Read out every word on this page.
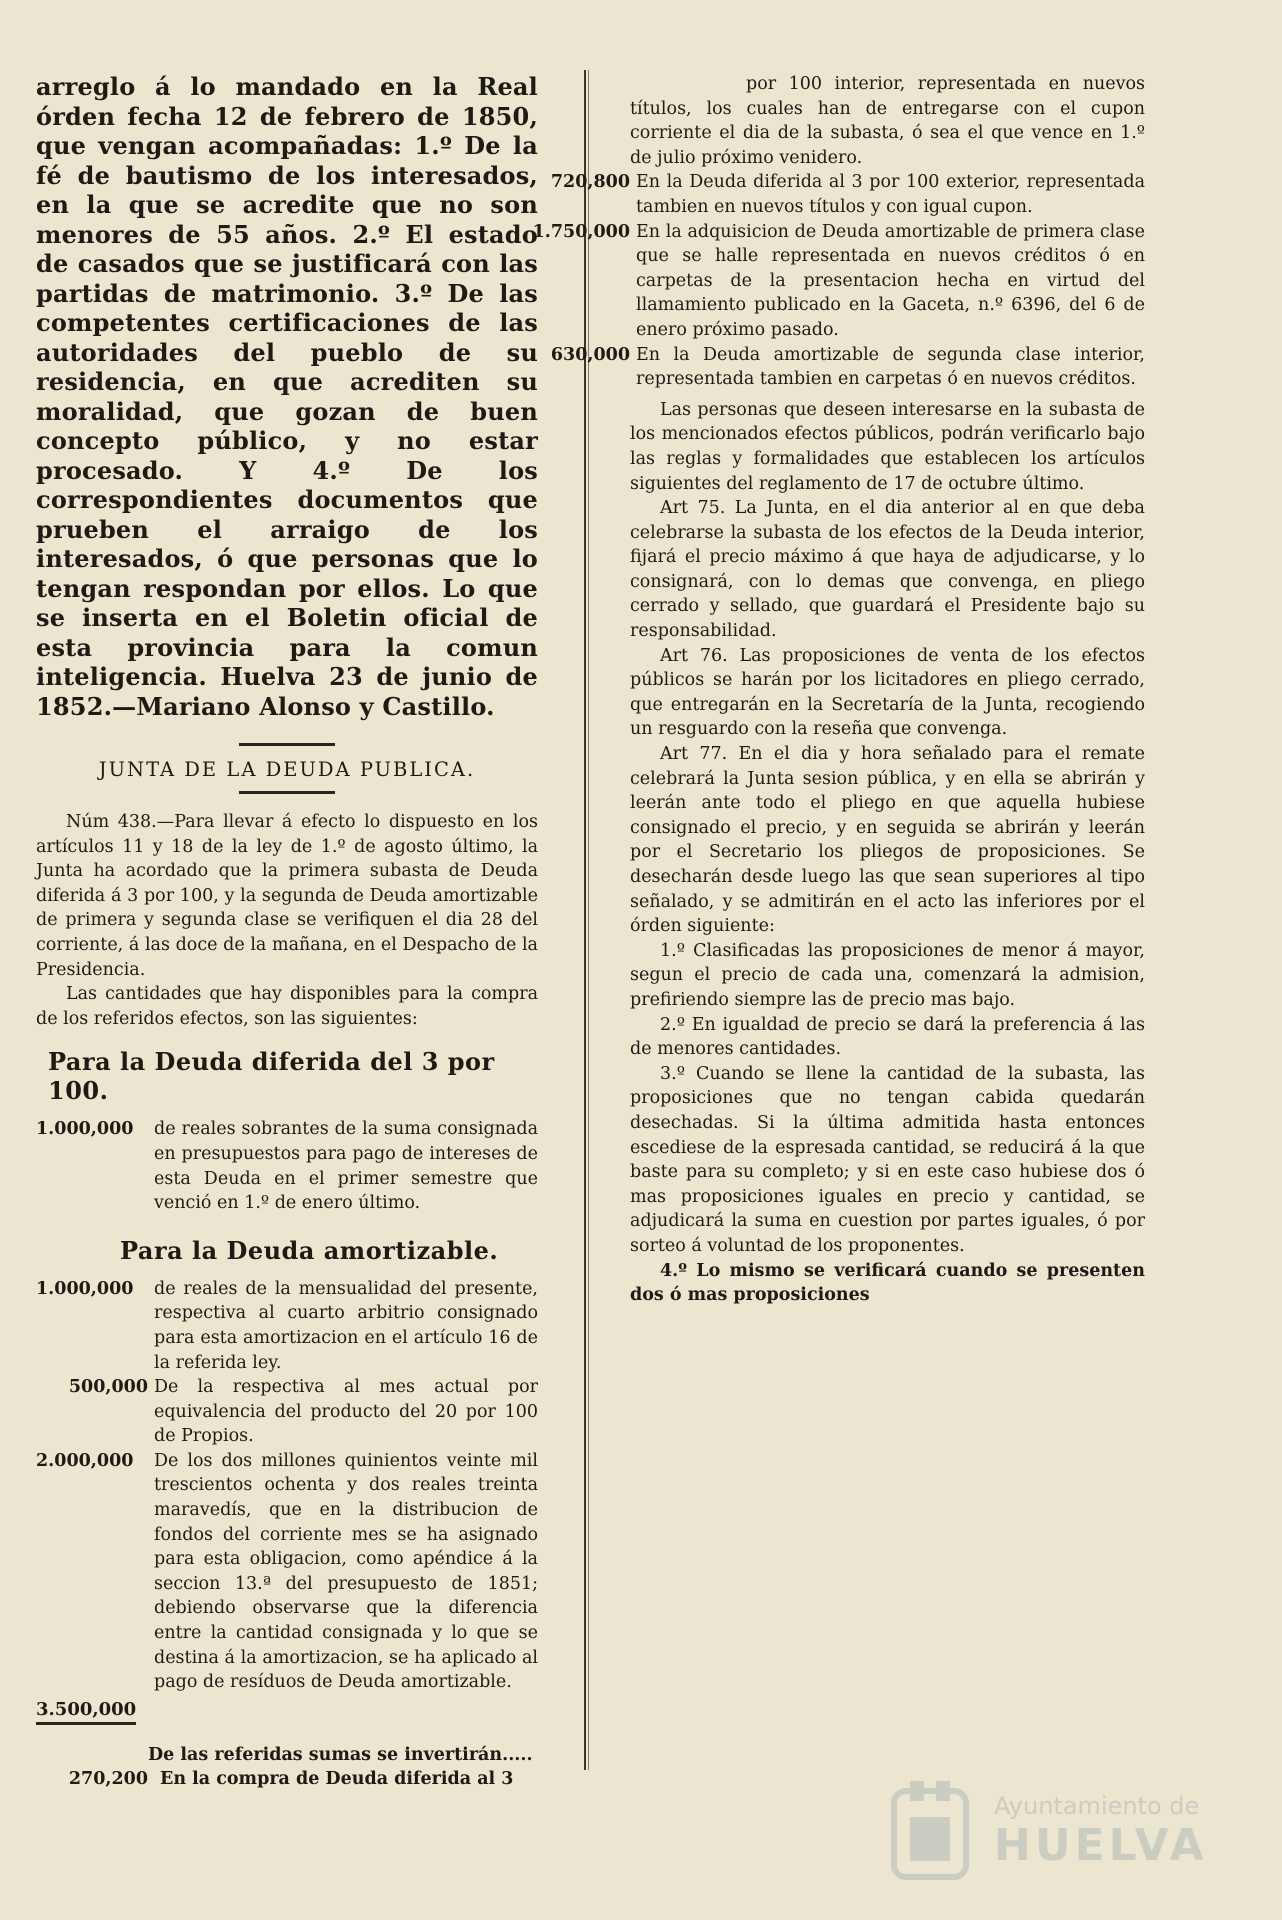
arreglo á lo mandado en la Real órden fecha 12 de febrero de 1850, que vengan acompañadas: 1.º De la fé de bautismo de los interesados, en la que se acredite que no son menores de 55 años. 2.º El estado de casados que se justificará con las partidas de matrimonio. 3.º De las competentes certificaciones de las autoridades del pueblo de su residencia, en que acrediten su moralidad, que gozan de buen concepto público, y no estar procesado. Y 4.º De los correspondientes documentos que prueben el arraigo de los interesados, ó que personas que lo tengan respondan por ellos. Lo que se inserta en el Boletin oficial de esta provincia para la comun inteligencia. Huelva 23 de junio de 1852.—Mariano Alonso y Castillo.
JUNTA DE LA DEUDA PUBLICA.
Núm 438.—Para llevar á efecto lo dispuesto en los artículos 11 y 18 de la ley de 1.º de agosto último, la Junta ha acordado que la primera subasta de Deuda diferida á 3 por 100, y la segunda de Deuda amortizable de primera y segunda clase se verifiquen el dia 28 del corriente, á las doce de la mañana, en el Despacho de la Presidencia.
Las cantidades que hay disponibles para la compra de los referidos efectos, son las siguientes:
Para la Deuda diferida del 3 por 100.
1.000,000	de reales sobrantes de la suma consignada en presupuestos para pago de intereses de esta Deuda en el primer semestre que venció en 1.º de enero último.
Para la Deuda amortizable.
1.000,000	de reales de la mensualidad del presente, respectiva al cuarto arbitrio consignado para esta amortizacion en el artículo 16 de la referida ley.
500,000 De la respectiva al mes actual por equivalencia del producto del 20 por 100 de Propios.
2.000,000	De los dos millones quinientos veinte mil trescientos ochenta y dos reales treinta maravedís, que en la distribucion de fondos del corriente mes se ha asignado para esta obligacion, como apéndice á la seccion 13.ª del presupuesto de 1851; debiendo observarse que la diferencia entre la cantidad consignada y lo que se destina á la amortizacion, se ha aplicado al pago de resíduos de Deuda amortizable.
3.500,000
De las referidas sumas se invertirán.....
270,200 En la compra de Deuda diferida al 3
por 100 interior, representada en nuevos títulos, los cuales han de entregarse con el cupon corriente el dia de la subasta, ó sea el que vence en 1.º de julio próximo venidero.
720,800 En la Deuda diferida al 3 por 100 exterior, representada tambien en nuevos títulos y con igual cupon.
1.750,000 En la adquisicion de Deuda amortizable de primera clase que se halle representada en nuevos créditos ó en carpetas de la presentacion hecha en virtud del llamamiento publicado en la Gaceta, n.º 6396, del 6 de enero próximo pasado.
630,000 En la Deuda amortizable de segunda clase interior, representada tambien en carpetas ó en nuevos créditos.
Las personas que deseen interesarse en la subasta de los mencionados efectos públicos, podrán verificarlo bajo las reglas y formalidades que establecen los artículos siguientes del reglamento de 17 de octubre último.
Art 75. La Junta, en el dia anterior al en que deba celebrarse la subasta de los efectos de la Deuda interior, fijará el precio máximo á que haya de adjudicarse, y lo consignará, con lo demas que convenga, en pliego cerrado y sellado, que guardará el Presidente bajo su responsabilidad.
Art 76. Las proposiciones de venta de los efectos públicos se harán por los licitadores en pliego cerrado, que entregarán en la Secretaría de la Junta, recogiendo un resguardo con la reseña que convenga.
Art 77. En el dia y hora señalado para el remate celebrará la Junta sesion pública, y en ella se abrirán y leerán ante todo el pliego en que aquella hubiese consignado el precio, y en seguida se abrirán y leerán por el Secretario los pliegos de proposiciones. Se desecharán desde luego las que sean superiores al tipo señalado, y se admitirán en el acto las inferiores por el órden siguiente:
1.º Clasificadas las proposiciones de menor á mayor, segun el precio de cada una, comenzará la admision, prefiriendo siempre las de precio mas bajo.
2.º En igualdad de precio se dará la preferencia á las de menores cantidades.
3.º Cuando se llene la cantidad de la subasta, las proposiciones que no tengan cabida quedarán desechadas. Si la última admitida hasta entonces escediese de la espresada cantidad, se reducirá á la que baste para su completo; y si en este caso hubiese dos ó mas proposiciones iguales en precio y cantidad, se adjudicará la suma en cuestion por partes iguales, ó por sorteo á voluntad de los proponentes.
4.º Lo mismo se verificará cuando se presenten dos ó mas proposiciones
Ayuntamiento de
HUELVA
